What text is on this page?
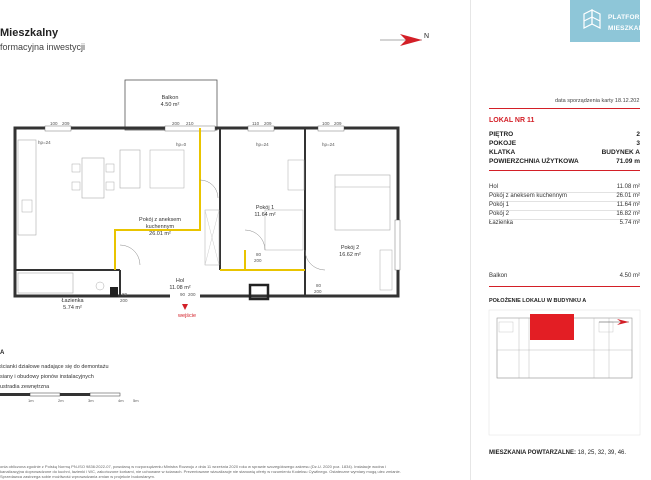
Mieszkalny
formacyjna inwestycji
PLATFORMA
MIESZKANIO
N
Balkon
4.50 m²
Pokój z aneksem
kuchennym
26.01 m²
Pokój 1
11.64 m²
Pokój 2
16.62 m²
Hol
11.08 m²
Łazienka
5.74 m²
wejście
hp=24	hp=0	hp=24	hp=24
100 209	200 210	110 209	100 209
80
200
80
200
80
200
90 200
A
ścianki działowe nadające się do demontażu
siany i obudowy pionów instalacyjnych
ustradia zewnętrzna
1m	2m	3m	4m 5m
onia obliczona zgodnie z Polską Normą PN-ISO 9836:2022-07, powołaną w rozporządzeniu Ministra Rozwoju z dnia 11 września 2020 roku w sprawie szczegółowego zakresu (Dz.U. 2020 poz. 1834). Instalacje wodna i kanalizacyjna doprowadzone do kuchni, łazienki i WC, zakończone korkami, nie uchowane w ścianach. Prezentowane wizualizacje nie stanowią oferty w rozumieniu Kodeksu Cywilnego. Ostateczne wymiary mogą ulec zmianie. Sprzedawca zastrzega sobie możliwość wprowadzania zmian w projekcie budowlanym.
data sporządzenia karty 18.12.202
LOKAL NR 11
PIĘTRO	2
POKOJE	3
KLATKA	BUDYNEK A
POWIERZCHNIA UŻYTKOWA	71.09 m
Hol	11.08 m²
Pokój z aneksem kuchennym	26.01 m²
Pokój 1	11.64 m²
Pokój 2	16.82 m²
Łazienka	5.74 m²
Balkon	4.50 m²
POŁOŻENIE LOKALU W BUDYNKU A
MIESZKANIA POWTARZALNE: 18, 25, 32, 39, 46.
